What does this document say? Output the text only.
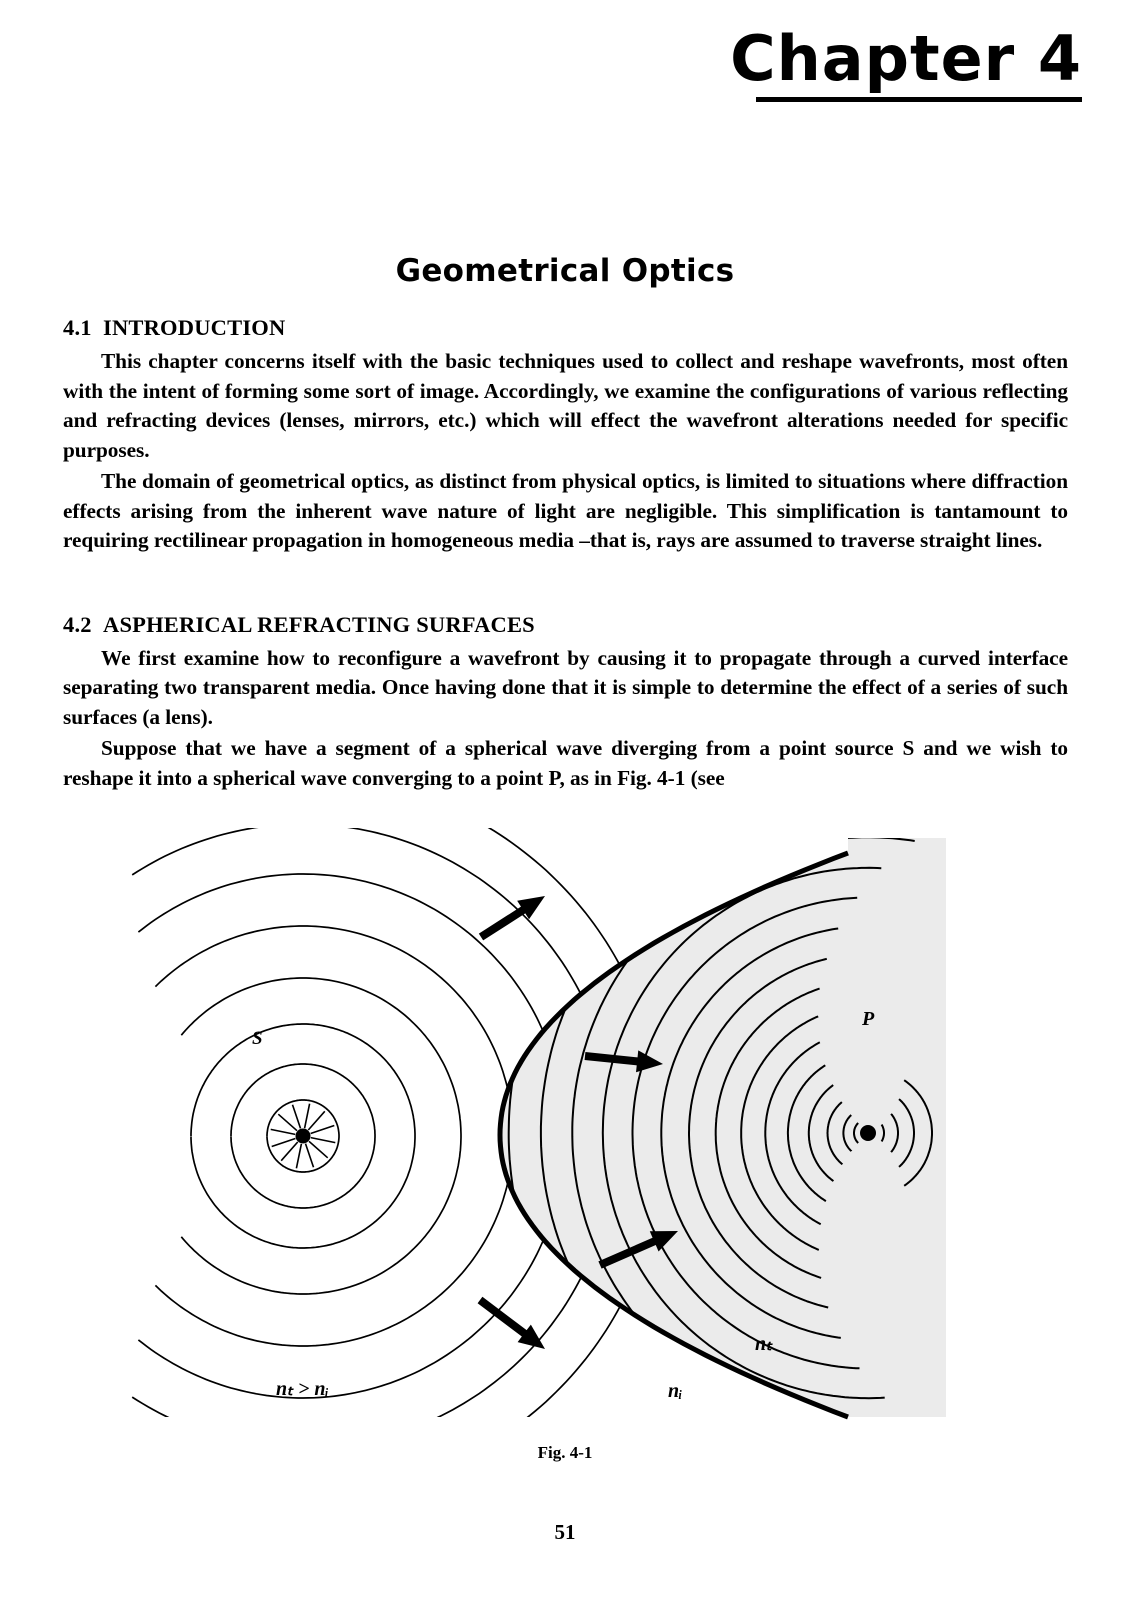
Chapter 4
Geometrical Optics

4.1 INTRODUCTION

This chapter concerns itself with the basic techniques used to collect and reshape wavefronts, most often with the intent of forming some sort of image. Accordingly, we examine the configurations of various reflecting and refracting devices (lenses, mirrors, etc.) which will effect the wavefront alterations needed for specific purposes.

The domain of geometrical optics, as distinct from physical optics, is limited to situations where diffraction effects arising from the inherent wave nature of light are negligible. This simplification is tantamount to requiring rectilinear propagation in homogeneous media –that is, rays are assumed to traverse straight lines.

4.2 ASPHERICAL REFRACTING SURFACES

We first examine how to reconfigure a wavefront by causing it to propagate through a curved interface separating two transparent media. Once having done that it is simple to determine the effect of a series of such surfaces (a lens).

Suppose that we have a segment of a spherical wave diverging from a point source S and we wish to reshape it into a spherical wave converging to a point P, as in Fig. 4-1 (see

S
P
nₜ > nᵢ
nₜ
nᵢ
Fig. 4-1
51
